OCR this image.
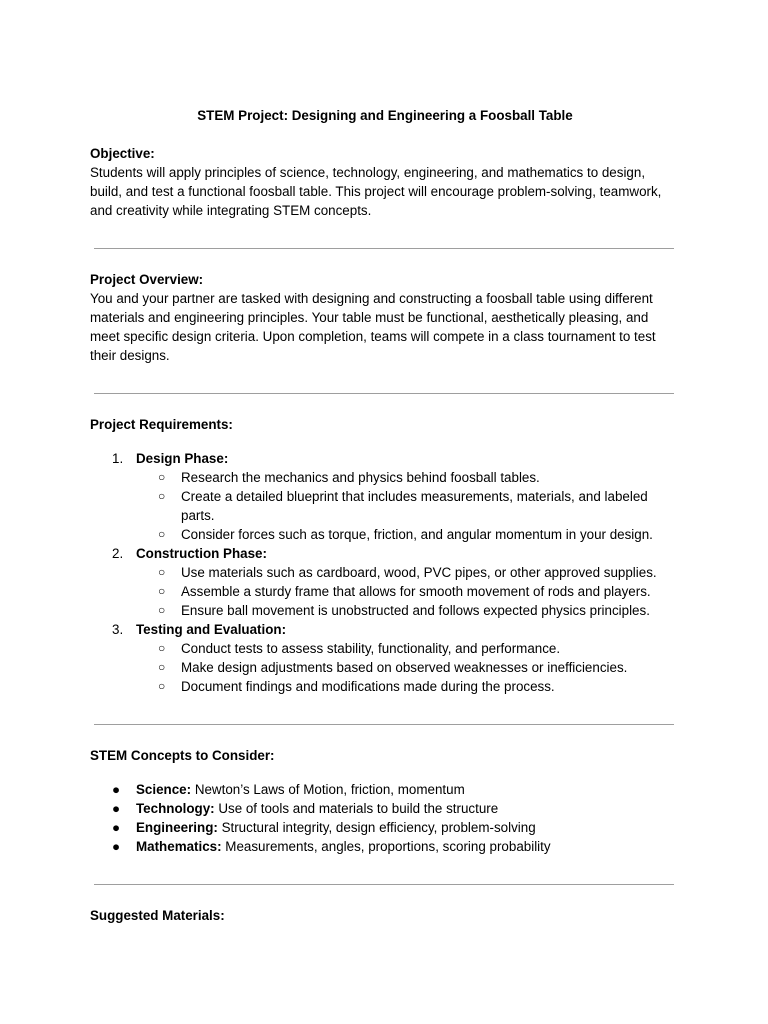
STEM Project: Designing and Engineering a Foosball Table

Objective:

Students will apply principles of science, technology, engineering, and mathematics to design, build, and test a functional foosball table. This project will encourage problem-solving, teamwork, and creativity while integrating STEM concepts.

Project Overview:

You and your partner are tasked with designing and constructing a foosball table using different materials and engineering principles. Your table must be functional, aesthetically pleasing, and meet specific design criteria. Upon completion, teams will compete in a class tournament to test their designs.

Project Requirements:

1. Design Phase:
○ Research the mechanics and physics behind foosball tables.
○ Create a detailed blueprint that includes measurements, materials, and labeled parts.
○ Consider forces such as torque, friction, and angular momentum in your design.
2. Construction Phase:
○ Use materials such as cardboard, wood, PVC pipes, or other approved supplies.
○ Assemble a sturdy frame that allows for smooth movement of rods and players.
○ Ensure ball movement is unobstructed and follows expected physics principles.
3. Testing and Evaluation:
○ Conduct tests to assess stability, functionality, and performance.
○ Make design adjustments based on observed weaknesses or inefficiencies.
○ Document findings and modifications made during the process.

STEM Concepts to Consider:

● Science: Newton’s Laws of Motion, friction, momentum
● Technology: Use of tools and materials to build the structure
● Engineering: Structural integrity, design efficiency, problem-solving
● Mathematics: Measurements, angles, proportions, scoring probability

Suggested Materials:
